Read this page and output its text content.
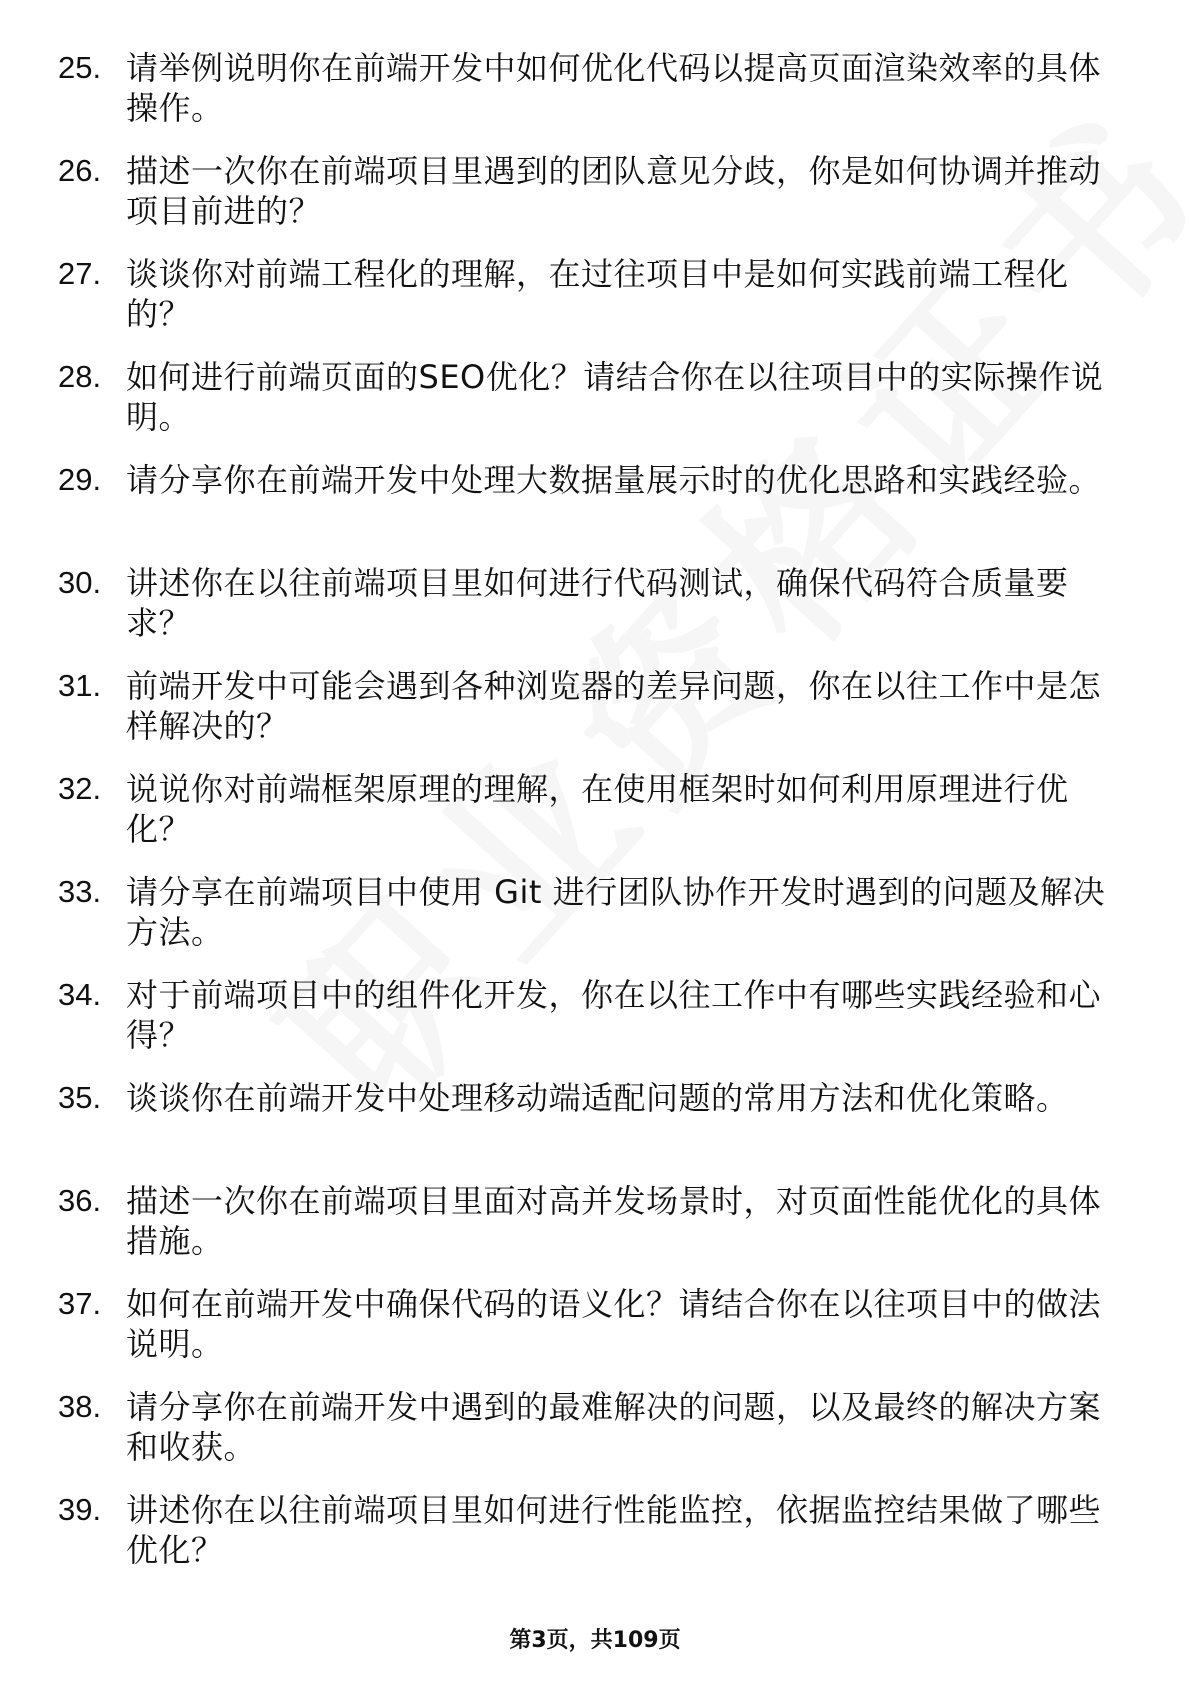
25. 请举例说明你在前端开发中如何优化代码以提高页面渲染效率的具体操作。
26. 描述一次你在前端项目里遇到的团队意见分歧，你是如何协调并推动项目前进的？
27. 谈谈你对前端工程化的理解，在过往项目中是如何实践前端工程化的？
28. 如何进行前端页面的SEO优化？请结合你在以往项目中的实际操作说明。
29. 请分享你在前端开发中处理大数据量展示时的优化思路和实践经验。
30. 讲述你在以往前端项目里如何进行代码测试，确保代码符合质量要求？
31. 前端开发中可能会遇到各种浏览器的差异问题，你在以往工作中是怎样解决的？
32. 说说你对前端框架原理的理解，在使用框架时如何利用原理进行优化？
33. 请分享在前端项目中使用 Git 进行团队协作开发时遇到的问题及解决方法。
34. 对于前端项目中的组件化开发，你在以往工作中有哪些实践经验和心得？
35. 谈谈你在前端开发中处理移动端适配问题的常用方法和优化策略。
36. 描述一次你在前端项目里面对高并发场景时，对页面性能优化的具体措施。
37. 如何在前端开发中确保代码的语义化？请结合你在以往项目中的做法说明。
38. 请分享你在前端开发中遇到的最难解决的问题，以及最终的解决方案和收获。
39. 讲述你在以往前端项目里如何进行性能监控，依据监控结果做了哪些优化？
第3页，共109页
